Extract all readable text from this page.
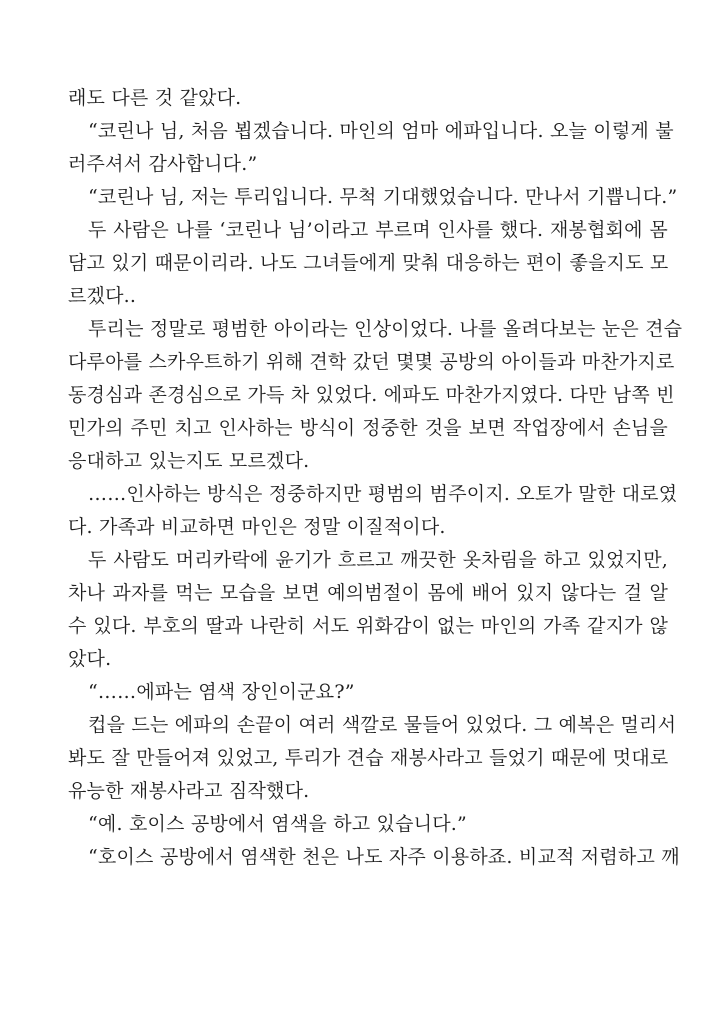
래도 다른 것 같았다.
“코린나 님, 처음 뵙겠습니다. 마인의 엄마 에파입니다. 오늘 이렇게 불
러주셔서 감사합니다.”
“코린나 님, 저는 투리입니다. 무척 기대했었습니다. 만나서 기쁩니다.”
두 사람은 나를 ‘코린나 님’이라고 부르며 인사를 했다. 재봉협회에 몸
담고 있기 때문이리라. 나도 그녀들에게 맞춰 대응하는 편이 좋을지도 모
르겠다..
투리는 정말로 평범한 아이라는 인상이었다. 나를 올려다보는 눈은 견습
다루아를 스카우트하기 위해 견학 갔던 몇몇 공방의 아이들과 마찬가지로
동경심과 존경심으로 가득 차 있었다. 에파도 마찬가지였다. 다만 남쪽 빈
민가의 주민 치고 인사하는 방식이 정중한 것을 보면 작업장에서 손님을
응대하고 있는지도 모르겠다.
……인사하는 방식은 정중하지만 평범의 범주이지. 오토가 말한 대로였
다. 가족과 비교하면 마인은 정말 이질적이다.
두 사람도 머리카락에 윤기가 흐르고 깨끗한 옷차림을 하고 있었지만,
차나 과자를 먹는 모습을 보면 예의범절이 몸에 배어 있지 않다는 걸 알
수 있다. 부호의 딸과 나란히 서도 위화감이 없는 마인의 가족 같지가 않
았다.
“……에파는 염색 장인이군요?”
컵을 드는 에파의 손끝이 여러 색깔로 물들어 있었다. 그 예복은 멀리서
봐도 잘 만들어져 있었고, 투리가 견습 재봉사라고 들었기 때문에 멋대로
유능한 재봉사라고 짐작했다.
“예. 호이스 공방에서 염색을 하고 있습니다.”
“호이스 공방에서 염색한 천은 나도 자주 이용하죠. 비교적 저렴하고 깨
